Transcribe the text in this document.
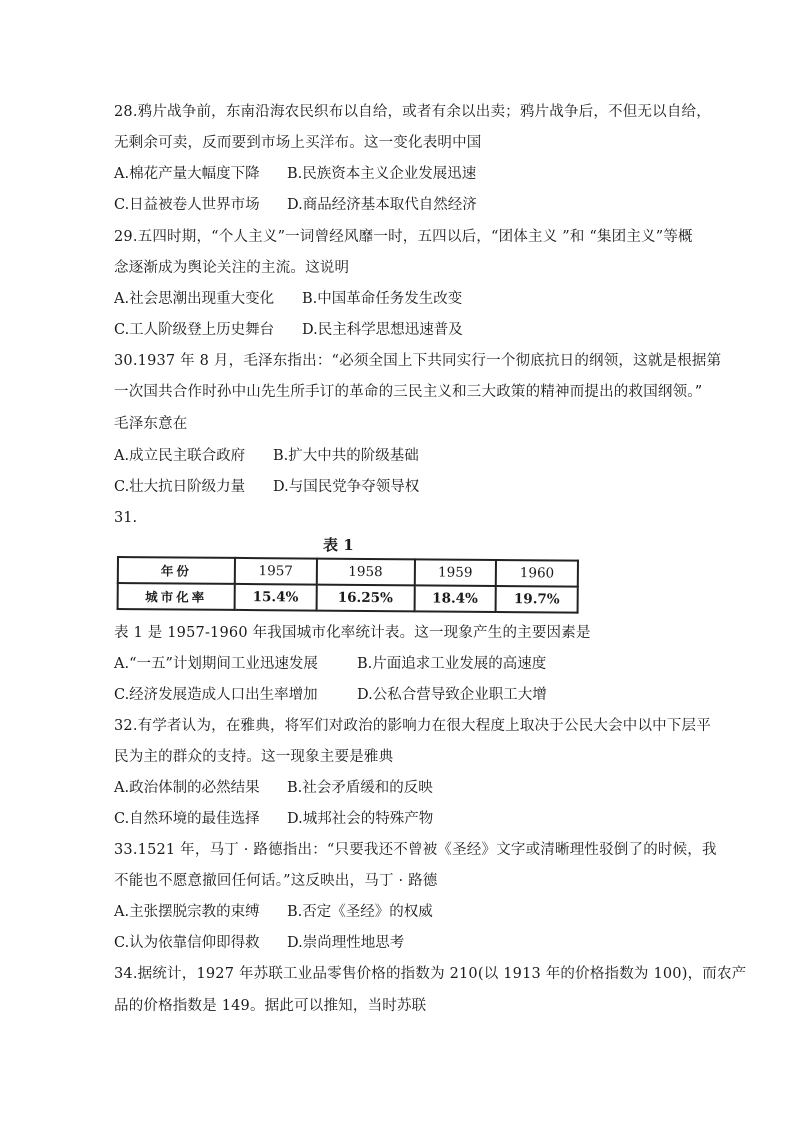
28.鸦片战争前，东南沿海农民织布以自给，或者有余以出卖；鸦片战争后，不但无以自给，
无剩余可卖，反而要到市场上买洋布。这一变化表明中国
A.棉花产量大幅度下降 B.民族资本主义企业发展迅速
C.日益被卷人世界市场 D.商品经济基本取代自然经济
29.五四时期，“个人主义”一词曾经风靡一时，五四以后，“团体主义 ”和 “集团主义”等概
念逐渐成为舆论关注的主流。这说明
A.社会思潮出现重大变化 B.中国革命任务发生改变
C.工人阶级登上历史舞台 D.民主科学思想迅速普及
30.1937 年 8 月，毛泽东指出：“必须全国上下共同实行一个彻底抗日的纲领，这就是根据第
一次国共合作时孙中山先生所手订的革命的三民主义和三大政策的精神而提出的救国纲领。”
毛泽东意在
A.成立民主联合政府 B.扩大中共的阶级基础
C.壮大抗日阶级力量 D.与国民党争夺领导权
31.
表 1
年份	1957	1958	1959	1960
城市化率	15.4%	16.25%	18.4%	19.7%
表 1 是 1957-1960 年我国城市化率统计表。这一现象产生的主要因素是
A.“一五”计划期间工业迅速发展	B.片面追求工业发展的高速度
C.经济发展造成人口出生率增加	D.公私合营导致企业职工大增
32.有学者认为，在雅典，将军们对政治的影响力在很大程度上取决于公民大会中以中下层平
民为主的群众的支持。这一现象主要是雅典
A.政治体制的必然结果 B.社会矛盾缓和的反映
C.自然环境的最佳选择 D.城邦社会的特殊产物
33.1521 年，马丁 · 路德指出：“只要我还不曾被《圣经》文字或清晰理性驳倒了的时候，我
不能也不愿意撤回任何话。”这反映出，马丁 · 路德
A.主张摆脱宗教的束缚 B.否定《圣经》的权威
C.认为依靠信仰即得救 D.崇尚理性地思考
34.据统计，1927 年苏联工业品零售价格的指数为 210(以 1913 年的价格指数为 100)，而农产
品的价格指数是 149。据此可以推知，当时苏联
